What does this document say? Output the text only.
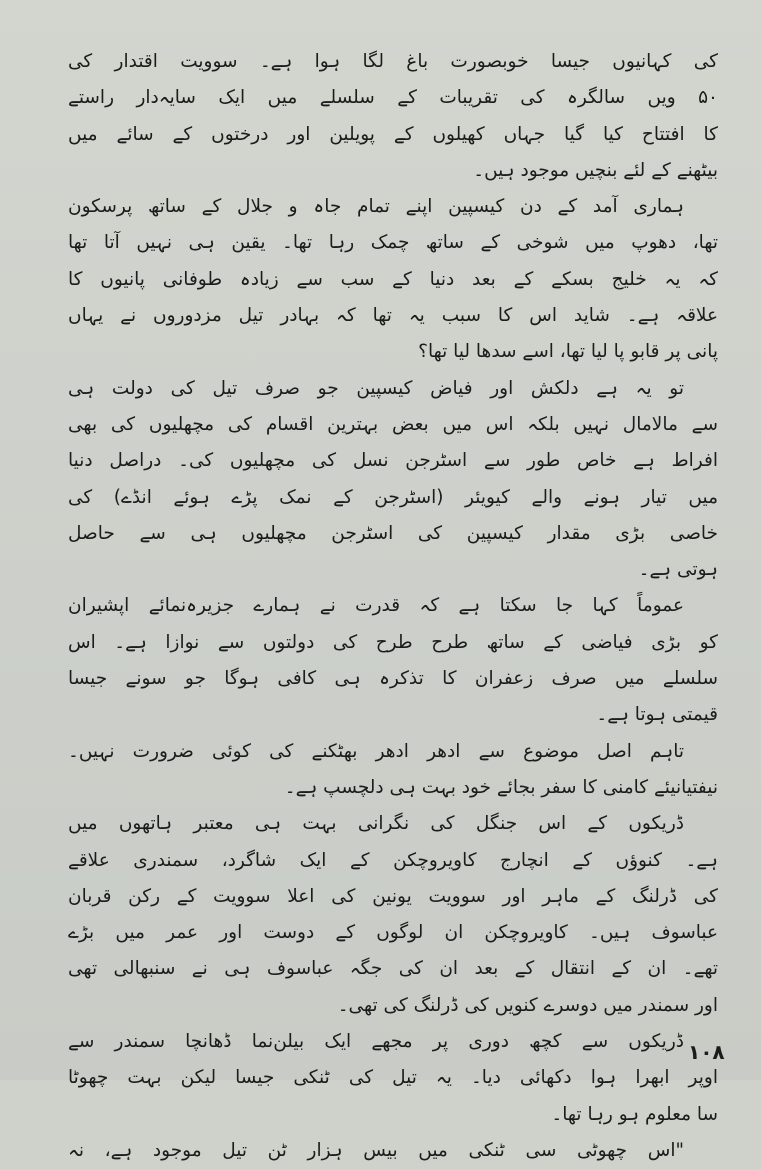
کی کہانیوں جیسا خوبصورت باغ لگا ہوا ہے۔ سوویت اقتدار کی
۵۰ ویں سالگرہ کی تقریبات کے سلسلے میں ایک سایہ‌دار راستے
کا افتتاح کیا گیا جہاں کھیلوں کے پویلین اور درختوں کے سائے میں
بیٹھنے کے لئے بنچیں موجود ہیں۔
ہماری آمد کے دن کیسپین اپنے تمام جاہ و جلال کے ساتھ پرسکون
تھا، دھوپ میں شوخی کے ساتھ چمک رہا تھا۔ یقین ہی نہیں آتا تھا
کہ یہ خلیج بسکے کے بعد دنیا کے سب سے زیادہ طوفانی پانیوں کا
علاقہ ہے۔ شاید اس کا سبب یہ تھا کہ بہادر تیل مزدوروں نے یہاں
پانی پر قابو پا لیا تھا، اسے سدھا لیا تھا؟
تو یہ ہے دلکش اور فیاض کیسپین جو صرف تیل کی دولت ہی
سے مالامال نہیں بلکہ اس میں بعض بہترین اقسام کی مچھلیوں کی بھی
افراط ہے خاص طور سے اسٹرجن نسل کی مچھلیوں کی۔ دراصل دنیا
میں تیار ہونے والے کیویئر (اسٹرجن کے نمک پڑے ہوئے انڈے) کی
خاصی بڑی مقدار کیسپین کی اسٹرجن مچھلیوں ہی سے حاصل
ہوتی ہے۔
عموماً کہا جا سکتا ہے کہ قدرت نے ہمارے جزیرہ‌نمائے اپشیران
کو بڑی فیاضی کے ساتھ طرح طرح کی دولتوں سے نوازا ہے۔ اس
سلسلے میں صرف زعفران کا تذکرہ ہی کافی ہوگا جو سونے جیسا
قیمتی ہوتا ہے۔
تاہم اصل موضوع سے ادھر ادھر بھٹکنے کی کوئی ضرورت نہیں۔
نیفتیانیئے کامنی کا سفر بجائے خود بہت ہی دلچسپ ہے۔
ڈریکوں کے اس جنگل کی نگرانی بہت ہی معتبر ہاتھوں میں
ہے۔ کنوؤں کے انچارج کاویروچکن کے ایک شاگرد، سمندری علاقے
کی ڈرلنگ کے ماہر اور سوویت یونین کی اعلا سوویت کے رکن قربان
عباسوف ہیں۔ کاویروچکن ان لوگوں کے دوست اور عمر میں بڑے
تھے۔ ان کے انتقال کے بعد ان کی جگہ عباسوف ہی نے سنبھالی تھی
اور سمندر میں دوسرے کنویں کی ڈرلنگ کی تھی۔
ڈریکوں سے کچھ دوری پر مجھے ایک بیلن‌نما ڈھانچا سمندر سے
اوپر ابھرا ہوا دکھائی دیا۔ یہ تیل کی ٹنکی جیسا لیکن بہت چھوٹا
سا معلوم ہو رہا تھا۔
"اس چھوٹی سی ٹنکی میں بیس ہزار ٹن تیل موجود ہے، نہ
۱۰۸
